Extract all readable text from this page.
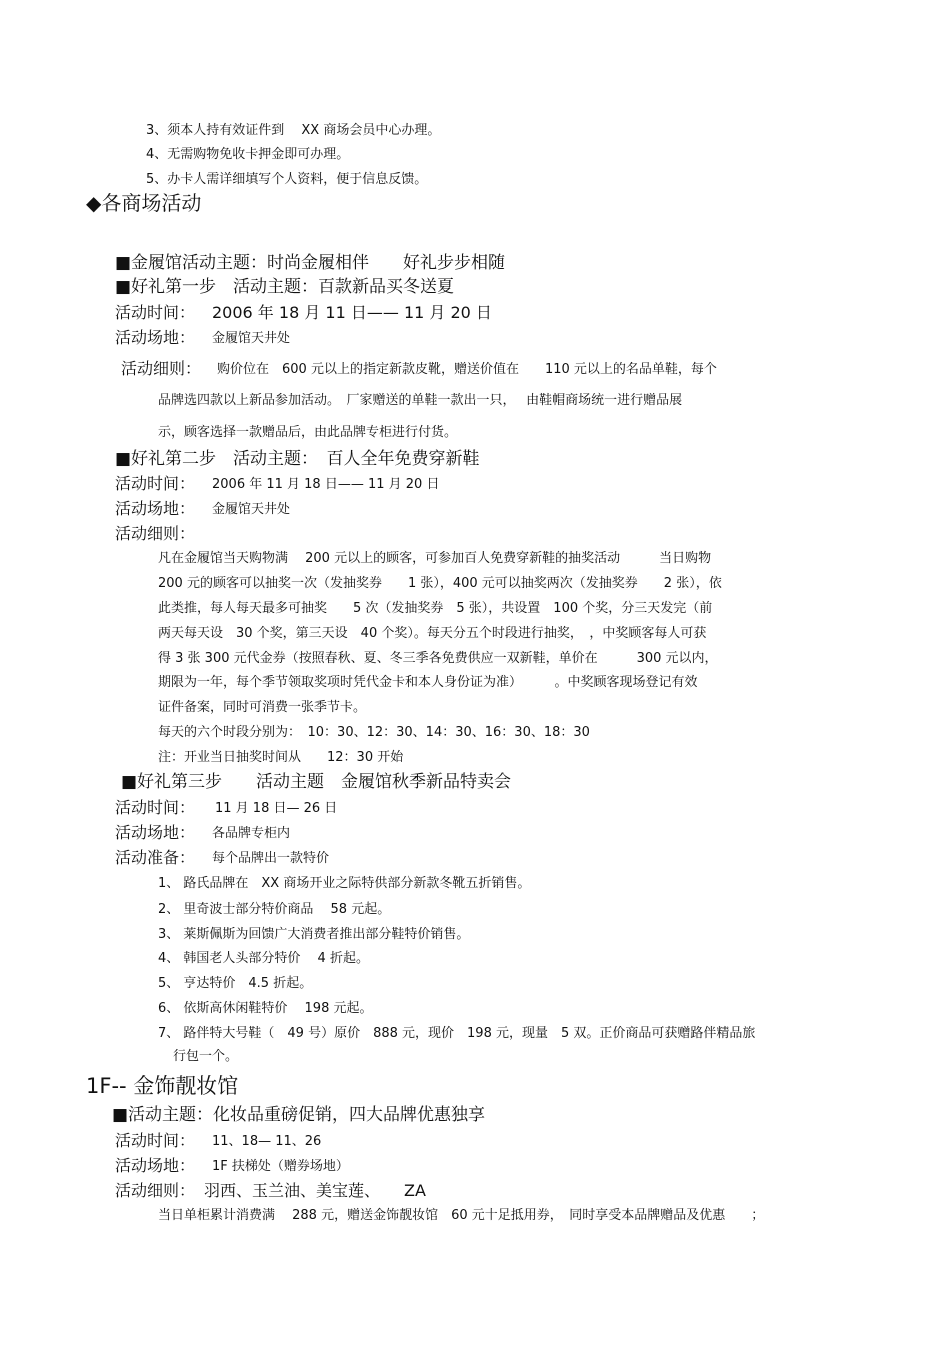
3、须本人持有效证件到　 XX 商场会员中心办理。
4、无需购物免收卡押金即可办理。
5、办卡人需详细填写个人资料，便于信息反馈。
◆各商场活动
■金履馆活动主题：时尚金履相伴　　好礼步步相随
■好礼第一步　活动主题：百款新品买冬送夏
活动时间： 2006 年 18 月 11 日—— 11 月 20 日
活动场地： 金履馆天井处
活动细则： 购价位在　600 元以上的指定新款皮靴，赠送价值在　　110 元以上的名品单鞋，每个
品牌选四款以上新品参加活动。　厂家赠送的单鞋一款出一只，　 由鞋帽商场统一进行赠品展
示，顾客选择一款赠品后，由此品牌专柜进行付货。
■好礼第二步　活动主题：　百人全年免费穿新鞋
活动时间： 2006 年 11 月 18 日—— 11 月 20 日
活动场地： 金履馆天井处
活动细则：
凡在金履馆当天购物满　 200 元以上的顾客，可参加百人免费穿新鞋的抽奖活动　　　当日购物
200 元的顾客可以抽奖一次（发抽奖券　　1 张），400 元可以抽奖两次（发抽奖券　　2 张），依
此类推，每人每天最多可抽奖　　5 次（发抽奖券　5 张），共设置　100 个奖，分三天发完（前
两天每天设　30 个奖，第三天设　40 个奖）。每天分五个时段进行抽奖，　，中奖顾客每人可获
得 3 张 300 元代金券（按照春秋、夏、冬三季各免费供应一双新鞋，单价在　　　300 元以内，
期限为一年，每个季节领取奖项时凭代金卡和本人身份证为准）　　　。中奖顾客现场登记有效
证件备案，同时可消费一张季节卡。
每天的六个时段分别为：　10：30、12：30、14：30、16：30、18：30
注：开业当日抽奖时间从　　12：30 开始
■好礼第三步　　活动主题　金履馆秋季新品特卖会
活动时间： 11 月 18 日— 26 日
活动场地： 各品牌专柜内
活动准备： 每个品牌出一款特价
1、 路氏品牌在　XX 商场开业之际特供部分新款冬靴五折销售。
2、 里奇波士部分特价商品　 58 元起。
3、 莱斯佩斯为回馈广大消费者推出部分鞋特价销售。
4、 韩国老人头部分特价　 4 折起。
5、 亨达特价　4.5 折起。
6、 依斯高休闲鞋特价　 198 元起。
7、 路伴特大号鞋（　49 号）原价　888 元，现价　198 元，现量　5 双。正价商品可获赠路伴精品旅
行包一个。
1F-- 金饰靓妆馆
■活动主题：化妆品重磅促销，四大品牌优惠独享
活动时间： 11、18— 11、26
活动场地： 1F 扶梯处（赠券场地）
活动细则： 羽西、玉兰油、美宝莲、　　ZA
当日单柜累计消费满　 288 元，赠送金饰靓妆馆　60 元十足抵用券，　同时享受本品牌赠品及优惠　　；
